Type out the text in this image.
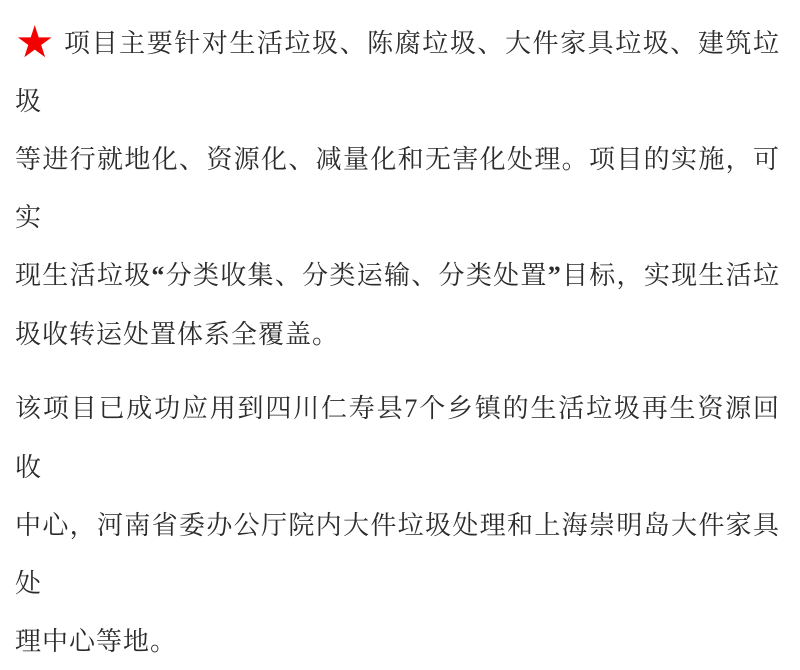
★ 项目主要针对生活垃圾、陈腐垃圾、大件家具垃圾、建筑垃圾
等进行就地化、资源化、减量化和无害化处理。项目的实施，可实
现生活垃圾“分类收集、分类运输、分类处置”目标，实现生活垃
圾收转运处置体系全覆盖。
该项目已成功应用到四川仁寿县7个乡镇的生活垃圾再生资源回收
中心，河南省委办公厅院内大件垃圾处理和上海崇明岛大件家具处
理中心等地。
